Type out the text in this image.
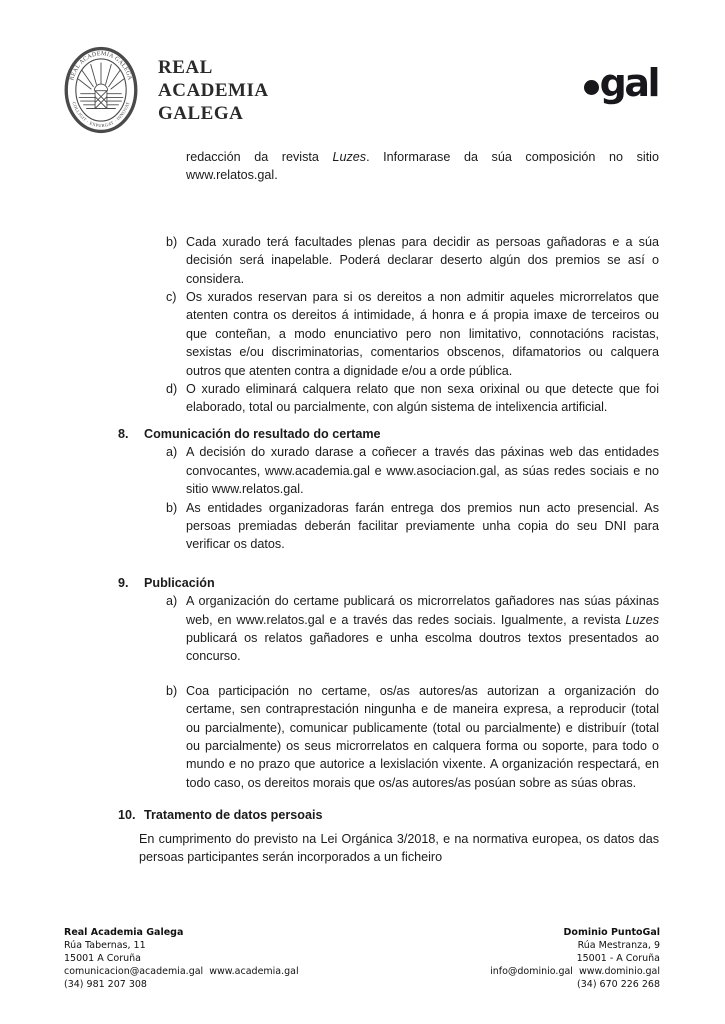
REAL ACADEMIA GALEGA
COLLIGIT · EXPURGAT · INNOVAT
REAL
ACADEMIA
GALEGA
gal

redacción da revista Luzes. Informarase da súa composición no sitio www.relatos.gal.

b) Cada xurado terá facultades plenas para decidir as persoas gañadoras e a súa decisión será inapelable. Poderá declarar deserto algún dos premios se así o considera.
c) Os xurados reservan para si os dereitos a non admitir aqueles microrrelatos que atenten contra os dereitos á intimidade, á honra e á propia imaxe de terceiros ou que conteñan, a modo enunciativo pero non limitativo, connotacións racistas, sexistas e/ou discriminatorias, comentarios obscenos, difamatorios ou calquera outros que atenten contra a dignidade e/ou a orde pública.
d) O xurado eliminará calquera relato que non sexa orixinal ou que detecte que foi elaborado, total ou parcialmente, con algún sistema de intelixencia artificial.
8.	Comunicación do resultado do certame
a) A decisión do xurado darase a coñecer a través das páxinas web das entidades convocantes, www.academia.gal e www.asociacion.gal, as súas redes sociais e no sitio www.relatos.gal.
b) As entidades organizadoras farán entrega dos premios nun acto presencial. As persoas premiadas deberán facilitar previamente unha copia do seu DNI para verificar os datos.
9.	Publicación
a) A organización do certame publicará os microrrelatos gañadores nas súas páxinas web, en www.relatos.gal e a través das redes sociais. Igualmente, a revista Luzes publicará os relatos gañadores e unha escolma doutros textos presentados ao concurso.
b) Coa participación no certame, os/as autores/as autorizan a organización do certame, sen contraprestación ningunha e de maneira expresa, a reproducir (total ou parcialmente), comunicar publicamente (total ou parcialmente) e distribuír (total ou parcialmente) os seus microrrelatos en calquera forma ou soporte, para todo o mundo e no prazo que autorice a lexislación vixente. A organización respectará, en todo caso, os dereitos morais que os/as autores/as posúan sobre as súas obras.
10. Tratamento de datos persoais

En cumprimento do previsto na Lei Orgánica 3/2018, e na normativa europea, os datos das persoas participantes serán incorporados a un ficheiro

Real Academia Galega
Rúa Tabernas, 11
15001 A Coruña
comunicacion@academia.gal  www.academia.gal
(34) 981 207 308
Dominio PuntoGal
Rúa Mestranza, 9
15001 - A Coruña
info@dominio.gal  www.dominio.gal
(34) 670 226 268
